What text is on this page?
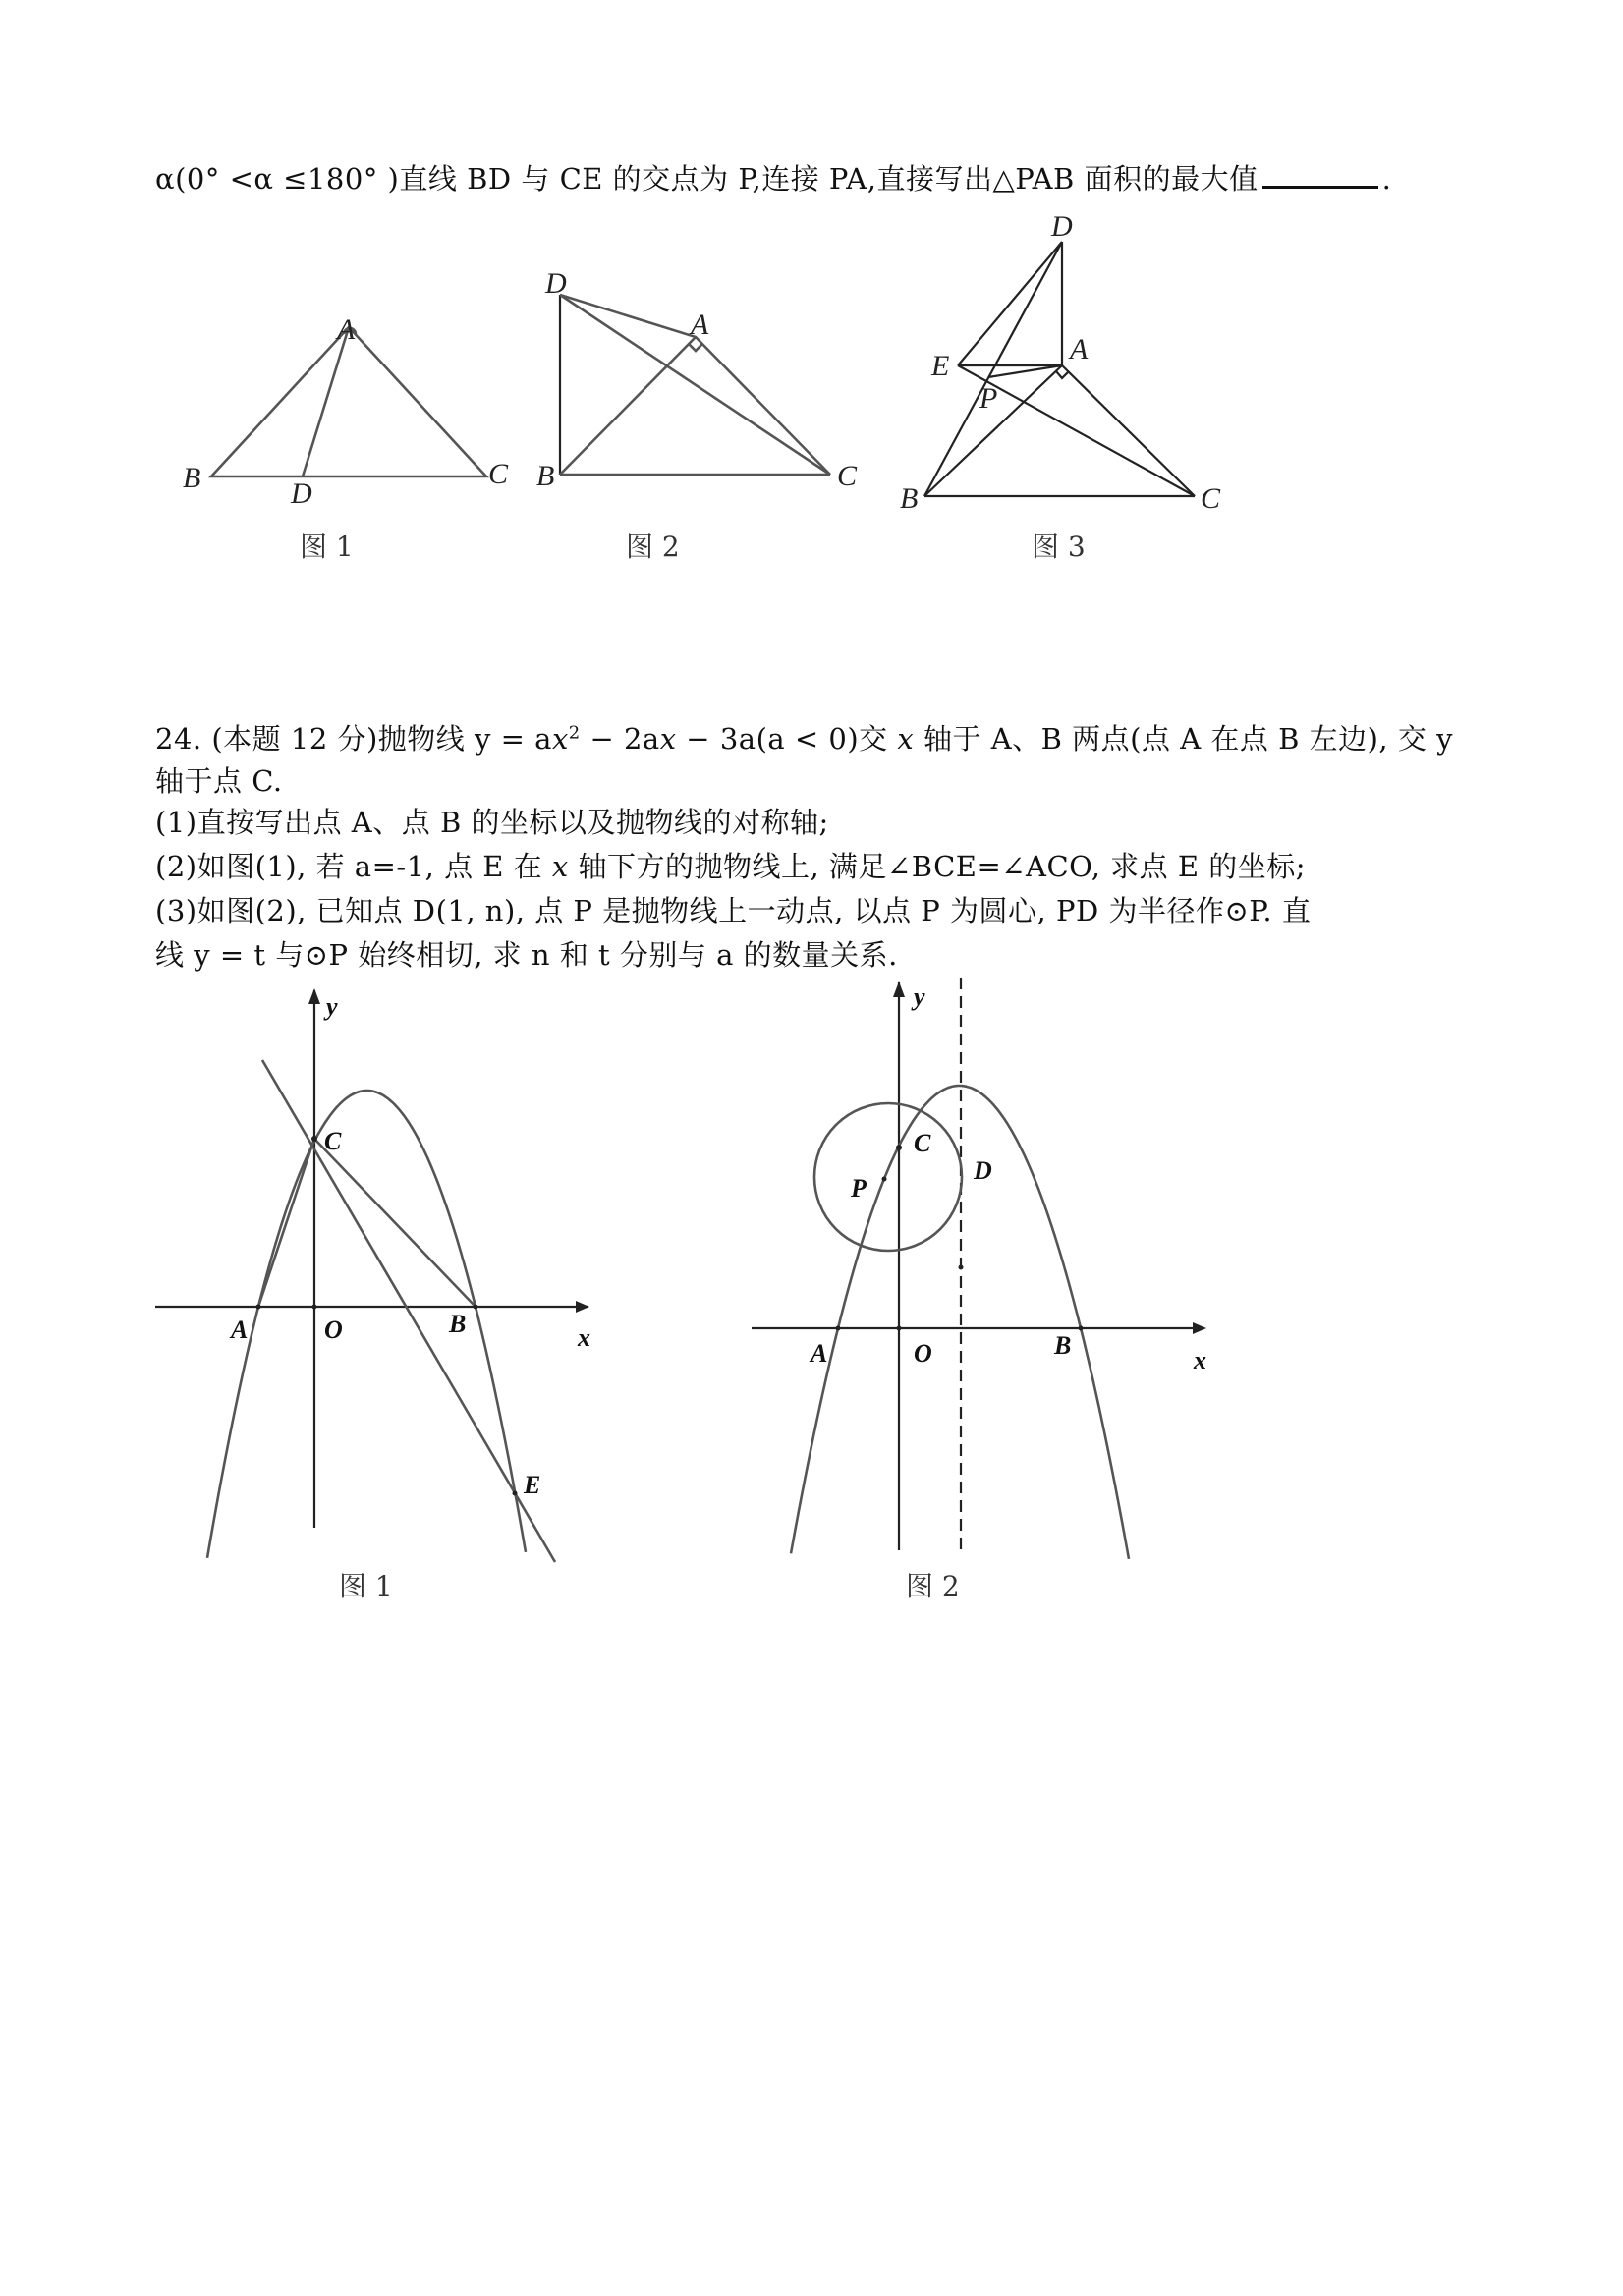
α(0° <α ≤180° )直线 BD 与 CE 的交点为 P,连接 PA,直接写出△PAB 面积的最大值	.
24. (本题 12 分)抛物线 $y = ax^2 - 2ax - 3a(a < 0)$交 x 轴于 A、B 两点(点 A 在点 B 左边), 交 y
轴于点 C.
(1)直按写出点 A、点 B 的坐标以及抛物线的对称轴;
(2)如图(1), 若 a=-1, 点 E 在 x 轴下方的抛物线上, 满足∠BCE=∠ACO, 求点 E 的坐标;
(3)如图(2), 已知点 D(1, n), 点 P 是抛物线上一动点, 以点 P 为圆心, PD 为半径作⊙P. 直
线 y = t 与⊙P 始终相切, 求 n 和 t 分别与 a 的数量关系.
A
B	C
D
图 1
D
A
B	C
图 2
D
A
E
P
B	C
图 3
y
x
C
A	O	B
E
图 1
y
x
C
D
P
A	O	B
图 2
